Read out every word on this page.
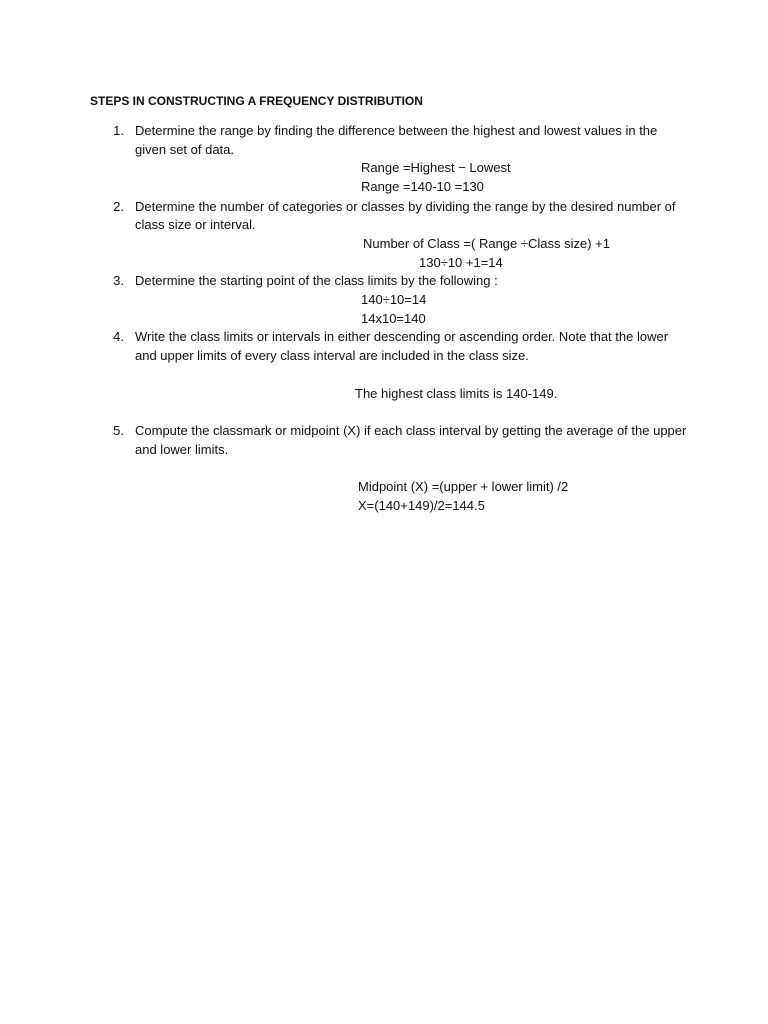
STEPS IN CONSTRUCTING A FREQUENCY DISTRIBUTION
1. Determine the range by finding the difference between the highest and lowest values in the
given set of data.
Range =Highest − Lowest
Range =140-10 =130
2. Determine the number of categories or classes by dividing the range by the desired number of
class size or interval.
Number of Class =( Range ÷Class size) +1
130÷10 +1=14
3. Determine the starting point of the class limits by the following :
140÷10=14
14x10=140
4. Write the class limits or intervals in either descending or ascending order. Note that the lower
and upper limits of every class interval are included in the class size.
The highest class limits is 140-149.
5. Compute the classmark or midpoint (X) if each class interval by getting the average of the upper
and lower limits.
Midpoint (X) =(upper + lower limit) /2
X=(140+149)/2=144.5
